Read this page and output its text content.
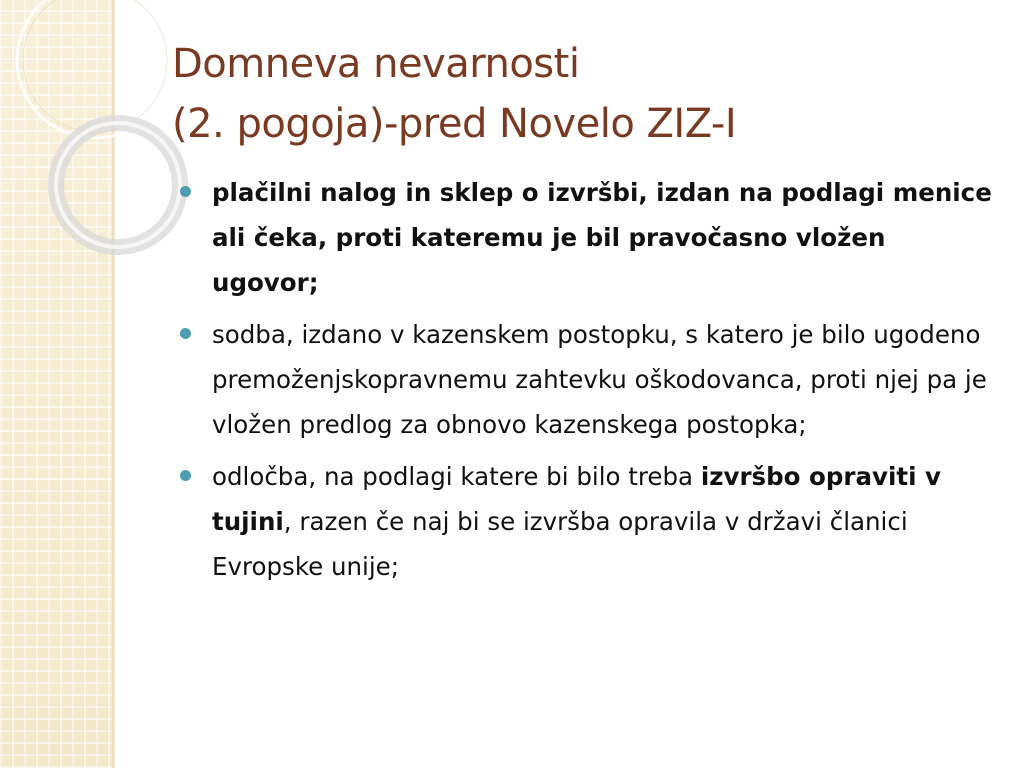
Domneva nevarnosti
(2. pogoja)-pred Novelo ZIZ-I
plačilni nalog in sklep o izvršbi, izdan na podlagi menice ali čeka, proti kateremu je bil pravočasno vložen ugovor;
sodba, izdano v kazenskem postopku, s katero je bilo ugodeno premoženjskopravnemu zahtevku oškodovanca, proti njej pa je vložen predlog za obnovo kazenskega postopka;
odločba, na podlagi katere bi bilo treba izvršbo opraviti v tujini, razen če naj bi se izvršba opravila v državi članici Evropske unije;
